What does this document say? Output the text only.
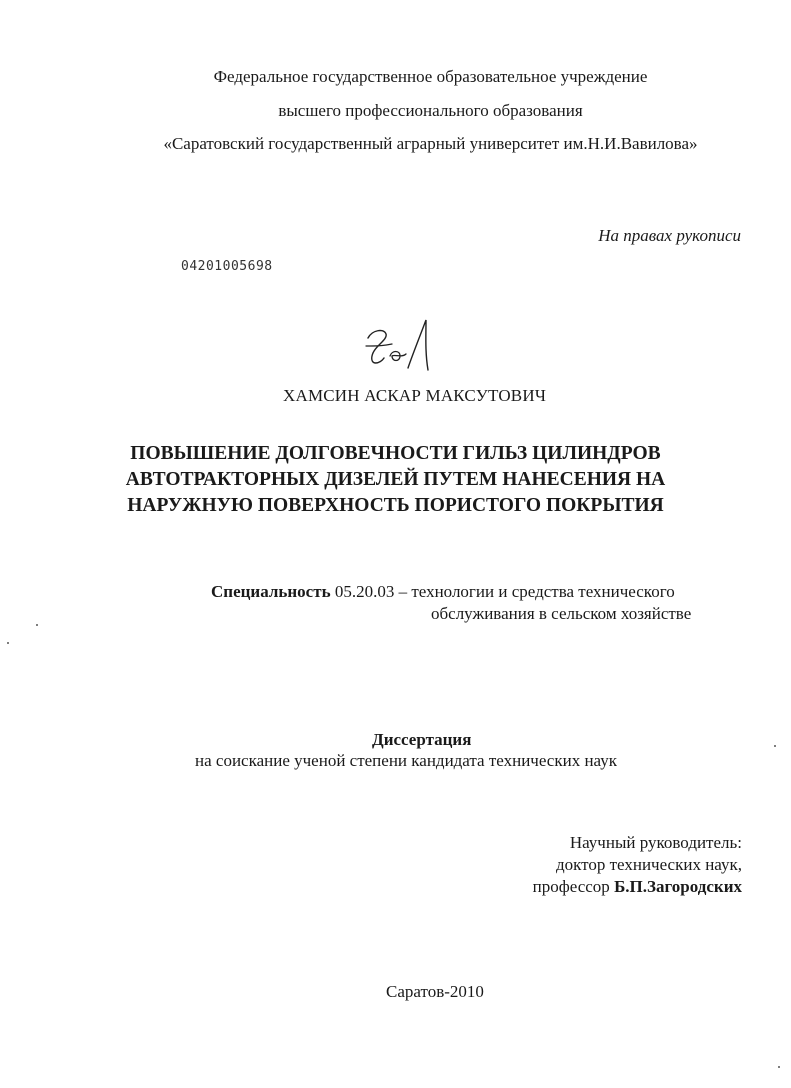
Федеральное государственное образовательное учреждение
высшего профессионального образования
«Саратовский государственный аграрный университет им.Н.И.Вавилова»
На правах рукописи
04201005698
ХАМСИН АСКАР МАКСУТОВИЧ
ПОВЫШЕНИЕ ДОЛГОВЕЧНОСТИ ГИЛЬЗ ЦИЛИНДРОВ
АВТОТРАКТОРНЫХ ДИЗЕЛЕЙ ПУТЕМ НАНЕСЕНИЯ НА
НАРУЖНУЮ ПОВЕРХНОСТЬ ПОРИСТОГО ПОКРЫТИЯ
Специальность 05.20.03 – технологии и средства технического
обслуживания в сельском хозяйстве
Диссертация
на соискание ученой степени кандидата технических наук
Научный руководитель:
доктор технических наук,
профессор Б.П.Загородских
Саратов-2010
